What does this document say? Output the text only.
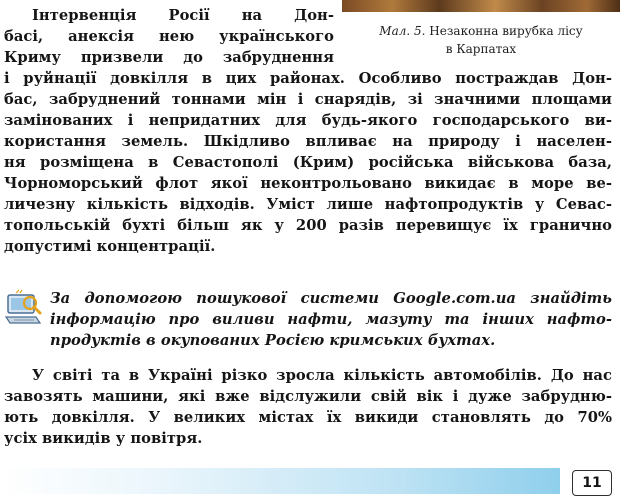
Мал. 5. Незаконна вирубка лісу
в Карпатах
Інтервенція Росії на Дон-
басі, анексія нею українського
Криму призвели до забруднення
і руйнації довкілля в цих районах. Особливо постраждав Дон-
бас, забруднений тоннами мін і снарядів, зі значними площами
замінованих і непридатних для будь-якого господарського ви-
користання земель. Шкідливо впливає на природу і населен-
ня розміщена в Севастополі (Крим) російська військова база,
Чорноморський флот якої неконтрольовано викидає в море ве-
личезну кількість відходів. Уміст лише нафтопродуктів у Севас-
топольській бухті більш як у 200 разів перевищує їх гранично
допустимі концентрації.
За допомогою пошукової системи Google.com.ua знайдіть
інформацію про виливи нафти, мазуту та інших нафто-
продуктів в окупованих Росією кримських бухтах.
У світі та в Україні різко зросла кількість автомобілів. До нас
завозять машини, які вже відслужили свій вік і дуже забрудню-
ють довкілля. У великих містах їх викиди становлять до 70%
усіх викидів у повітря.
11
